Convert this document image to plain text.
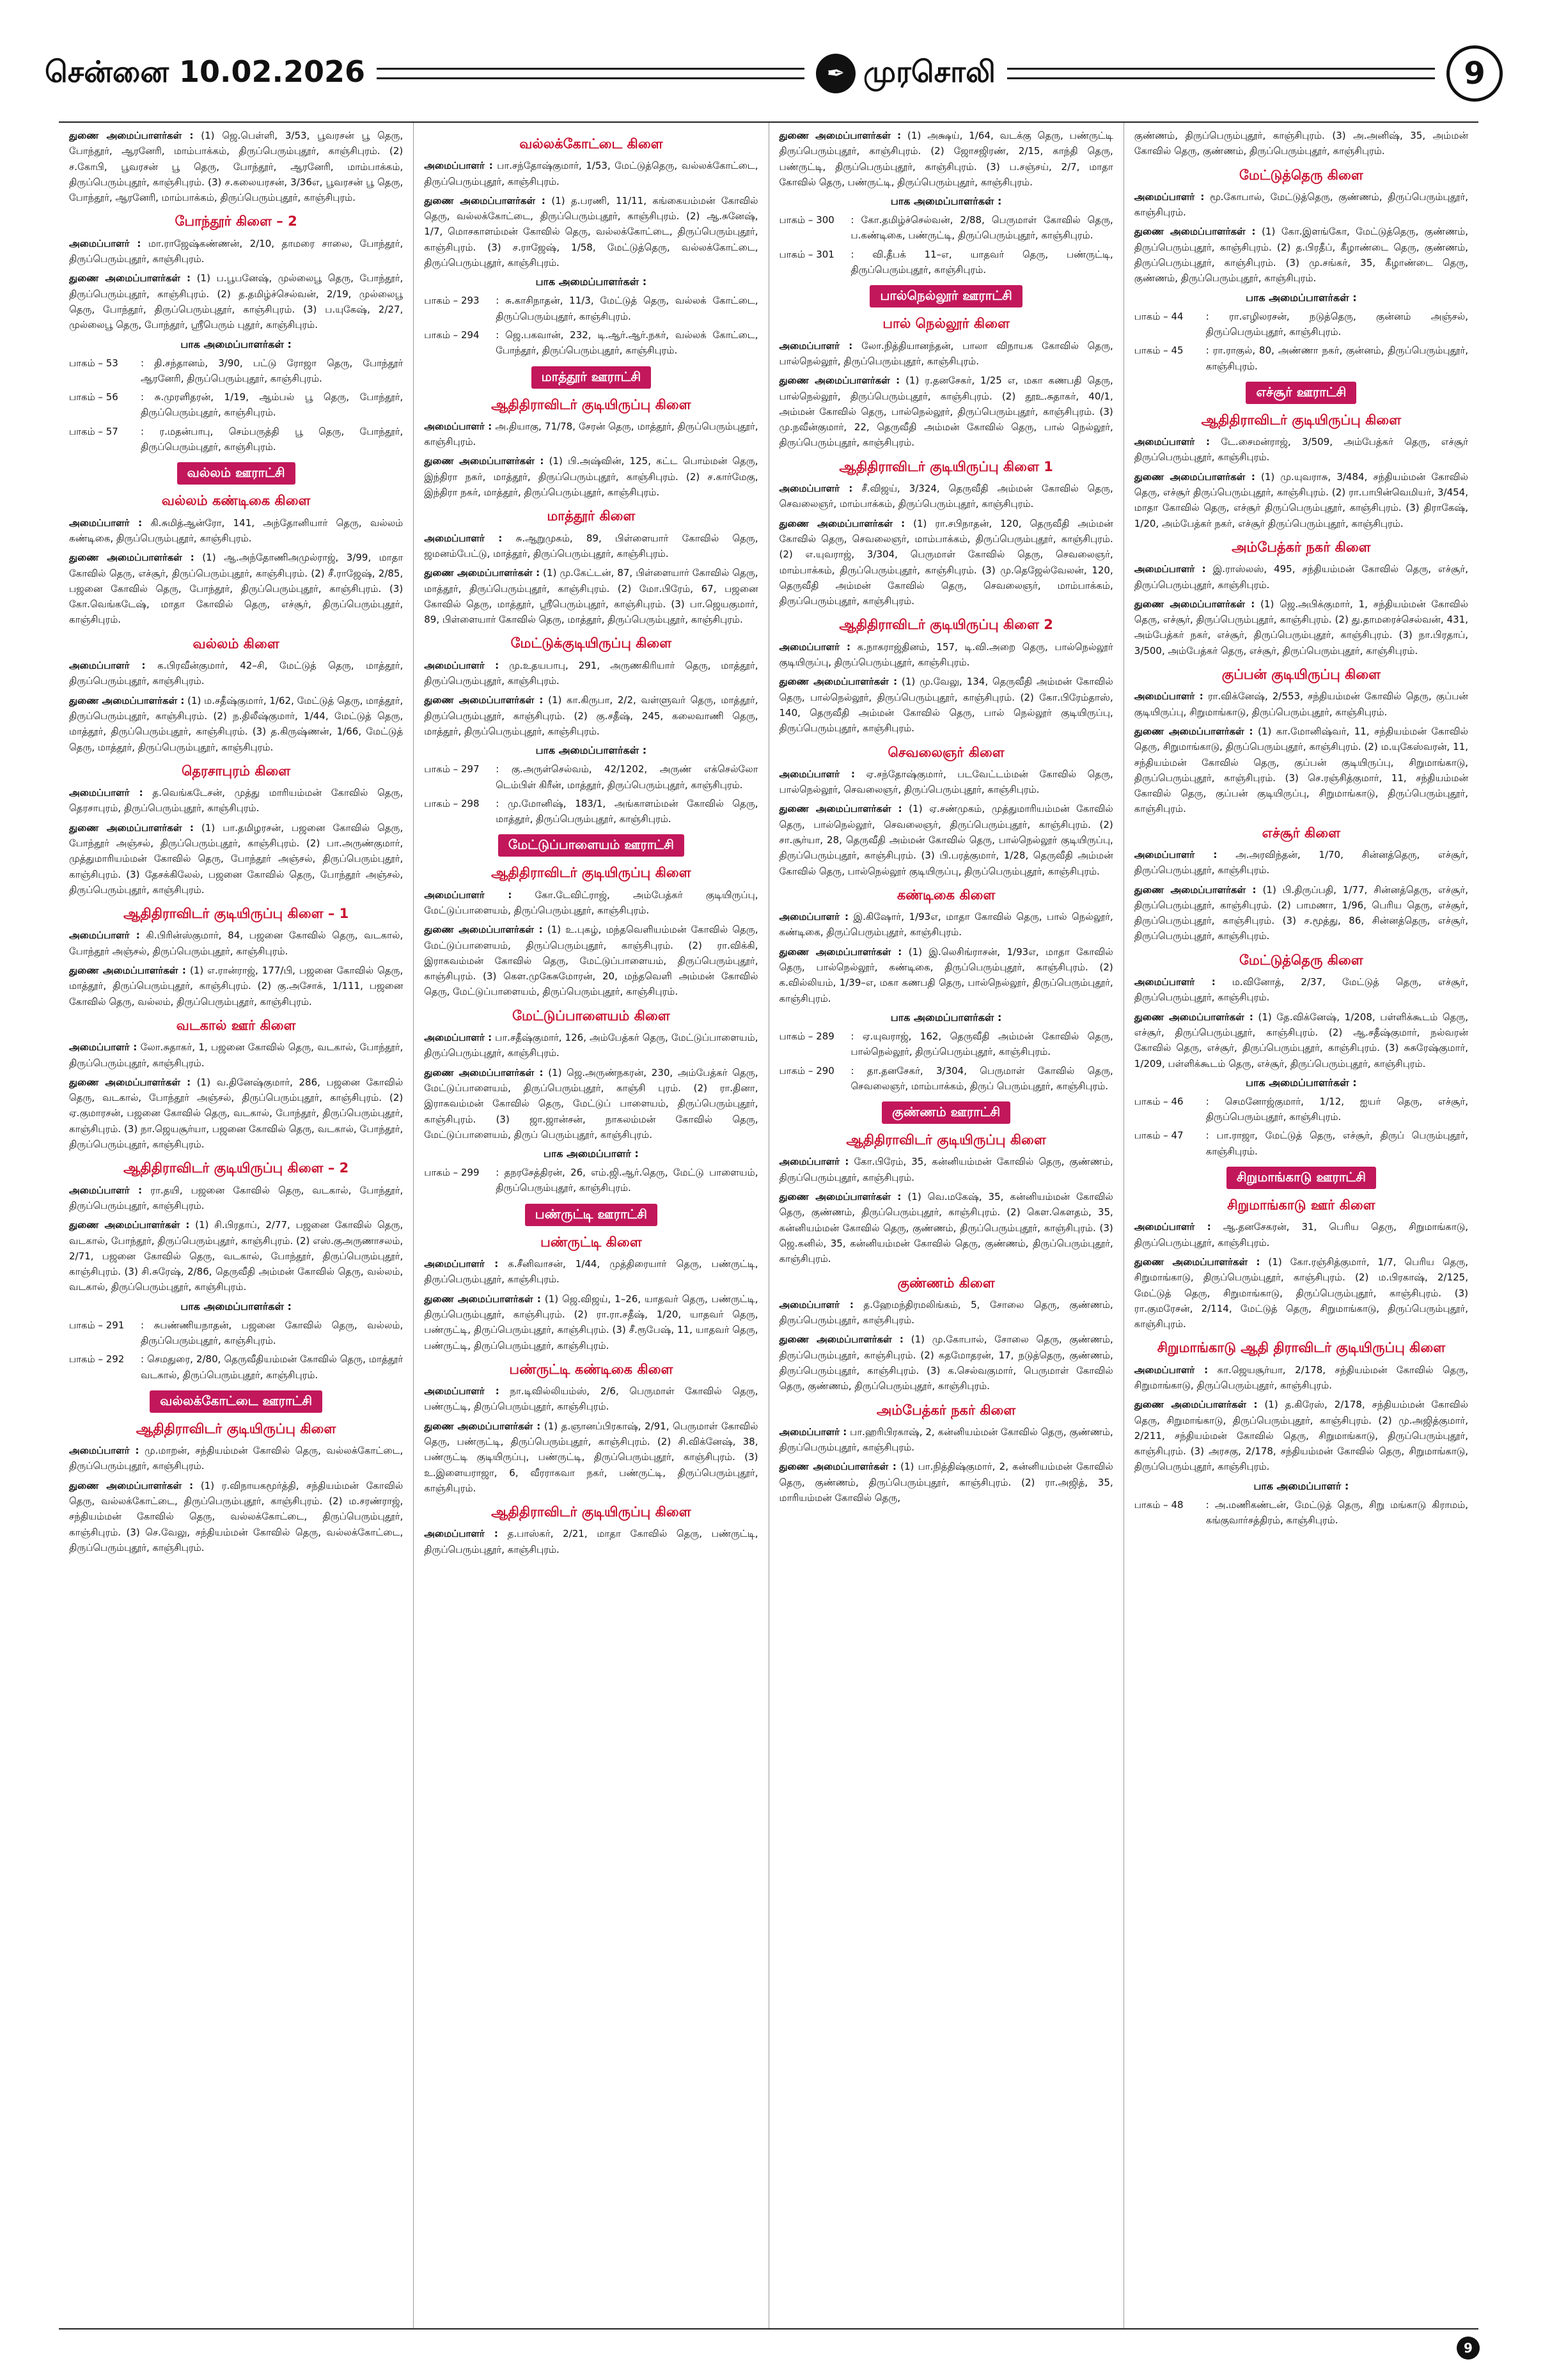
சென்னை 10.02.2026	✒ முரசொலி	9

துணை அமைப்பாளர்கள் : (1) ஜெ.பெள்ளி, 3/53, பூவரசன் பூ தெரு, போந்தூர், ஆரனேரி, மாம்பாக்கம், திருப்பெரும்புதூர், காஞ்சிபுரம். (2) ச.கோபி, பூவரசன் பூ தெரு, போந்தூர், ஆரனேரி, மாம்பாக்கம், திருப்பெரும்புதூர், காஞ்சிபுரம். (3) ச.கலையரசன், 3/36எ, பூவரசன் பூ தெரு, போந்தூர், ஆரனேரி, மாம்பாக்கம், திருப்பெரும்புதூர், காஞ்சிபுரம்.

போந்தூர் கிளை – 2

அமைப்பாளர் : மா.ராஜேஷ்கண்ணன், 2/10, தாமரை சாலை, போந்தூர், திருப்பெரும்புதூர், காஞ்சிபுரம்.

துணை அமைப்பாளர்கள் : (1) ப.பூபனேஷ், முல்லைபூ தெரு, போந்தூர், திருப்பெரும்புதூர், காஞ்சிபுரம். (2) த.தமிழ்ச்செல்வன், 2/19, முல்லைபூ தெரு, போந்தூர், திருப்பெரும்புதூர், காஞ்சிபுரம். (3) ப.யுகேஷ், 2/27, முல்லைபூ தெரு, போந்தூர், ஸ்ரீபெரும் புதூர், காஞ்சிபுரம்.

பாக அமைப்பாளர்கள் :
பாகம் – 53	: தி.சந்தானம், 3/90, பட்டு ரோஜா தெரு, போந்தூர் ஆரனேரி, திருப்பெரும்புதூர், காஞ்சிபுரம்.
பாகம் – 56	: சு.முரளிதரன், 1/19, ஆம்பல் பூ தெரு, போந்தூர், திருப்பெரும்புதூர், காஞ்சிபுரம்.
பாகம் – 57	: ர.மதன்பாபு, செம்பருத்தி பூ தெரு, போந்தூர், திருப்பெரும்புதூர், காஞ்சிபுரம்.
வல்லம் ஊராட்சி
வல்லம் கண்டிகை கிளை

அமைப்பாளர் : கி.சுமித்ஆன்ரோ, 141, அந்தோனியார் தெரு, வல்லம் கண்டிகை, திருப்பெரும்புதூர், காஞ்சிபுரம்.

துணை அமைப்பாளர்கள் : (1) ஆ.அந்தோணிஅமுல்ராஜ், 3/99, மாதா கோவில் தெரு, எச்சூர், திருப்பெரும்புதூர், காஞ்சிபுரம். (2) சீ.ராஜேஷ், 2/85, பஜனை கோவில் தெரு, போந்தூர், திருப்பெரும்புதூர், காஞ்சிபுரம். (3) கோ.வெங்கடேஷ், மாதா கோவில் தெரு, எச்சூர், திருப்பெரும்புதூர், காஞ்சிபுரம்.

வல்லம் கிளை

அமைப்பாளர் : க.பிரவீன்குமார், 42–சி, மேட்டுத் தெரு, மாத்தூர், திருப்பெரும்புதூர், காஞ்சிபுரம்.

துணை அமைப்பாளர்கள் : (1) ம.சதீஷ்குமார், 1/62, மேட்டுத் தெரு, மாத்தூர், திருப்பெரும்புதூர், காஞ்சிபுரம். (2) ந.திலீஷ்குமார், 1/44, மேட்டுத் தெரு, மாத்தூர், திருப்பெரும்புதூர், காஞ்சிபுரம். (3) த.கிருஷ்ணன், 1/66, மேட்டுத் தெரு, மாத்தூர், திருப்பெரும்புதூர், காஞ்சிபுரம்.

தெரசாபுரம் கிளை

அமைப்பாளர் : த.வெங்கடேசன், முத்து மாரியம்மன் கோவில் தெரு, தெரசாபுரம், திருப்பெரும்புதூர், காஞ்சிபுரம்.

துணை அமைப்பாளர்கள் : (1) பா.தமிழரசன், பஜனை கோவில் தெரு, போந்தூர் அஞ்சல், திருப்பெரும்புதூர், காஞ்சிபுரம். (2) பா.அருண்குமார், முத்துமாரியம்மன் கோவில் தெரு, போந்தூர் அஞ்சல், திருப்பெரும்புதூர், காஞ்சிபுரம். (3) தேசக்கிலேல், பஜனை கோவில் தெரு, போந்தூர் அஞ்சல், திருப்பெரும்புதூர், காஞ்சிபுரம்.

ஆதிதிராவிடர் குடியிருப்பு கிளை – 1

அமைப்பாளர் : கி.பிரின்ஸ்குமார், 84, பஜனை கோவில் தெரு, வடகால், போந்தூர் அஞ்சல், திருப்பெரும்புதூர், காஞ்சிபுரம்.

துணை அமைப்பாளர்கள் : (1) எ.ரான்ராஜ், 177/பி, பஜனை கோவில் தெரு, மாத்தூர், திருப்பெரும்புதூர், காஞ்சிபுரம். (2) கு.அசோக், 1/111, பஜனை கோவில் தெரு, வல்லம், திருப்பெரும்புதூர், காஞ்சிபுரம்.

வடகால் ஊர் கிளை

அமைப்பாளர் : லோ.சுதாகர், 1, பஜனை கோவில் தெரு, வடகால், போந்தூர், திருப்பெரும்புதூர், காஞ்சிபுரம்.

துணை அமைப்பாளர்கள் : (1) வ.தினேஷ்குமார், 286, பஜனை கோவில் தெரு, வடகால், போந்தூர் அஞ்சல், திருப்பெரும்புதூர், காஞ்சிபுரம். (2) ஏ.குமாரசன், பஜனை கோவில் தெரு, வடகால், போந்தூர், திருப்பெரும்புதூர், காஞ்சிபுரம். (3) நா.ஜெயசூர்யா, பஜனை கோவில் தெரு, வடகால், போந்தூர், திருப்பெரும்புதூர், காஞ்சிபுரம்.

ஆதிதிராவிடர் குடியிருப்பு கிளை – 2

அமைப்பாளர் : ரா.தயி, பஜனை கோவில் தெரு, வடகால், போந்தூர், திருப்பெரும்புதூர், காஞ்சிபுரம்.

துணை அமைப்பாளர்கள் : (1) சி.பிரதாப், 2/77, பஜனை கோவில் தெரு, வடகால், போந்தூர், திருப்பெரும்புதூர், காஞ்சிபுரம். (2) எஸ்.குஅருணாசலம், 2/71, பஜனை கோவில் தெரு, வடகால், போந்தூர், திருப்பெரும்புதூர், காஞ்சிபுரம். (3) சி.சுரேஷ், 2/86, தெருவீதி அம்மன் கோவில் தெரு, வல்லம், வடகால், திருப்பெரும்புதூர், காஞ்சிபுரம்.

பாக அமைப்பாளர்கள் :
பாகம் – 291	: சுபண்ணியநாதன், பஜனை கோவில் தெரு, வல்லம், திருப்பெரும்புதூர், காஞ்சிபுரம்.
பாகம் – 292	: செமதுரை, 2/80, தெருவீதியம்மன் கோவில் தெரு, மாத்தூர் வடகால், திருப்பெரும்புதூர், காஞ்சிபுரம்.
வல்லக்கோட்டை ஊராட்சி
ஆதிதிராவிடர் குடியிருப்பு கிளை

அமைப்பாளர் : மு.மாறன், சந்தியம்மன் கோவில் தெரு, வல்லக்கோட்டை, திருப்பெரும்புதூர், காஞ்சிபுரம்.

துணை அமைப்பாளர்கள் : (1) ர.விநாயகமூர்த்தி, சந்தியம்மன் கோவில் தெரு, வல்லக்கோட்டை, திருப்பெரும்புதூர், காஞ்சிபுரம். (2) ம.சரண்ராஜ், சந்தியம்மன் கோவில் தெரு, வல்லக்கோட்டை, திருப்பெரும்புதூர், காஞ்சிபுரம். (3) செ.வேலு, சந்தியம்மன் கோவில் தெரு, வல்லக்கோட்டை, திருப்பெரும்புதூர், காஞ்சிபுரம்.

வல்லக்கோட்டை கிளை

அமைப்பாளர் : பா.சந்தோஷ்குமார், 1/53, மேட்டுத்தெரு, வல்லக்கோட்டை, திருப்பெரும்புதூர், காஞ்சிபுரம்.

துணை அமைப்பாளர்கள் : (1) த.பரணி, 11/11, கங்கையம்மன் கோவில் தெரு, வல்லக்கோட்டை, திருப்பெரும்புதூர், காஞ்சிபுரம். (2) ஆ.சுனேஷ், 1/7, மொசகாளம்மன் கோவில் தெரு, வல்லக்கோட்டை, திருப்பெரும்புதூர், காஞ்சிபுரம். (3) ச.ராஜேஷ், 1/58, மேட்டுத்தெரு, வல்லக்கோட்டை, திருப்பெரும்புதூர், காஞ்சிபுரம்.

பாக அமைப்பாளர்கள் :
பாகம் – 293	: சு.காசிநாதன், 11/3, மேட்டுத் தெரு, வல்லக் கோட்டை, திருப்பெரும்புதூர், காஞ்சிபுரம்.
பாகம் – 294	: ஜெ.பகவான், 232, டி.ஆர்.ஆர்.நகர், வல்லக் கோட்டை, போந்தூர், திருப்பெரும்புதூர், காஞ்சிபுரம்.
மாத்தூர் ஊராட்சி
ஆதிதிராவிடர் குடியிருப்பு கிளை

அமைப்பாளர் : அ.தியாகு, 71/78, சேரன் தெரு, மாத்தூர், திருப்பெரும்புதூர், காஞ்சிபுரம்.

துணை அமைப்பாளர்கள் : (1) பி.அஷ்வின், 125, கட்ட பொம்மன் தெரு, இந்திரா நகர், மாத்தூர், திருப்பெரும்புதூர், காஞ்சிபுரம். (2) ச.கார்மேகு, இந்திரா நகர், மாத்தூர், திருப்பெரும்புதூர், காஞ்சிபுரம்.

மாத்தூர் கிளை

அமைப்பாளர் : சு.ஆறுமுகம், 89, பிள்ளையார் கோவில் தெரு, ஜமனம்பேட்டு, மாத்தூர், திருப்பெரும்புதூர், காஞ்சிபுரம்.

துணை அமைப்பாளர்கள் : (1) மு.கேட்டன், 87, பிள்ளையார் கோவில் தெரு, மாத்தூர், திருப்பெரும்புதூர், காஞ்சிபுரம். (2) மோ.பிரேம், 67, பஜனை கோவில் தெரு, மாத்தூர், ஸ்ரீபெரும்புதூர், காஞ்சிபுரம். (3) பா.ஜெயகுமார், 89, பிள்ளையார் கோவில் தெரு, மாத்தூர், திருப்பெரும்புதூர், காஞ்சிபுரம்.

மேட்டுக்குடியிருப்பு கிளை

அமைப்பாளர் : மு.உதயபாபு, 291, அருணகிரியார் தெரு, மாத்தூர், திருப்பெரும்புதூர், காஞ்சிபுரம்.

துணை அமைப்பாளர்கள் : (1) கா.கிருபா, 2/2, வள்ளுவர் தெரு, மாத்தூர், திருப்பெரும்புதூர், காஞ்சிபுரம். (2) கு.சதீஷ், 245, கலைவாணி தெரு, மாத்தூர், திருப்பெரும்புதூர், காஞ்சிபுரம்.

பாக அமைப்பாளர்கள் :
பாகம் – 297	: கு.அருள்செல்வம், 42/1202, அருண் எக்செல்லோ டெம்பிள் கிரீன், மாத்தூர், திருப்பெரும்புதூர், காஞ்சிபுரம்.
பாகம் – 298	: மு.மோனிஷ், 183/1, அங்காளம்மன் கோவில் தெரு, மாத்தூர், திருப்பெரும்புதூர், காஞ்சிபுரம்.
மேட்டுப்பாளையம் ஊராட்சி
ஆதிதிராவிடர் குடியிருப்பு கிளை

அமைப்பாளர் : கோ.டேவிட்ராஜ், அம்பேத்கர் குடியிருப்பு, மேட்டுப்பாளையம், திருப்பெரும்புதூர், காஞ்சிபுரம்.

துணை அமைப்பாளர்கள் : (1) உ.புகழ், மந்தவெளியம்மன் கோவில் தெரு, மேட்டுப்பாளையம், திருப்பெரும்புதூர், காஞ்சிபுரம். (2) ரா.விக்கி, இராகவம்மன் கோவில் தெரு, மேட்டுப்பாளையம், திருப்பெரும்புதூர், காஞ்சிபுரம். (3) கௌ.முகேசுமோரன், 20, மந்தவெளி அம்மன் கோவில் தெரு, மேட்டுப்பாளையம், திருப்பெரும்புதூர், காஞ்சிபுரம்.

மேட்டுப்பாளையம் கிளை

அமைப்பாளர் : பா.சதீஷ்குமார், 126, அம்பேத்கர் தெரு, மேட்டுப்பாளையம், திருப்பெரும்புதூர், காஞ்சிபுரம்.

துணை அமைப்பாளர்கள் : (1) ஜெ.அருண்நகரன், 230, அம்பேத்கர் தெரு, மேட்டுப்பாளையம், திருப்பெரும்புதூர், காஞ்சி புரம். (2) ரா.தினா, இராகவம்மன் கோவில் தெரு, மேட்டுப் பாளையம், திருப்பெரும்புதூர், காஞ்சிபுரம். (3) ஜா.ஜான்சன், நாகலம்மன் கோவில் தெரு, மேட்டுப்பாளையம், திருப் பெரும்புதூர், காஞ்சிபுரம்.

பாக அமைப்பாளர் :
பாகம் – 299	: தநரசேத்திரன், 26, எம்.ஜி.ஆர்.தெரு, மேட்டு பாளையம், திருப்பெரும்புதூர், காஞ்சிபுரம்.
பண்ருட்டி ஊராட்சி
பண்ருட்டி கிளை

அமைப்பாளர் : க.சீனிவாசன், 1/44, முத்திரையார் தெரு, பண்ருட்டி, திருப்பெரும்புதூர், காஞ்சிபுரம்.

துணை அமைப்பாளர்கள் : (1) ஜெ.விஜய், 1–26, யாதவர் தெரு, பண்ருட்டி, திருப்பெரும்புதூர், காஞ்சிபுரம். (2) ரா.ரா.சதீஷ், 1/20, யாதவர் தெரு, பண்ருட்டி, திருப்பெரும்புதூர், காஞ்சிபுரம். (3) சீ.ரூபேஷ், 11, யாதவர் தெரு, பண்ருட்டி, திருப்பெரும்புதூர், காஞ்சிபுரம்.

பண்ருட்டி கண்டிகை கிளை

அமைப்பாளர் : நா.டிவில்லியம்ஸ், 2/6, பெருமாள் கோவில் தெரு, பண்ருட்டி, திருப்பெரும்புதூர், காஞ்சிபுரம்.

துணை அமைப்பாளர்கள் : (1) த.ஞானப்பிரகாஷ், 2/91, பெருமாள் கோவில் தெரு, பண்ருட்டி, திருப்பெரும்புதூர், காஞ்சிபுரம். (2) சி.விக்னேஷ், 38, பண்ருட்டி குடியிருப்பு, பண்ருட்டி, திருப்பெரும்புதூர், காஞ்சிபுரம். (3) உ.இளையராஜா, 6, வீரராகவா நகர், பண்ருட்டி, திருப்பெரும்புதூர், காஞ்சிபுரம்.

ஆதிதிராவிடர் குடியிருப்பு கிளை

அமைப்பாளர் : த.பாஸ்கர், 2/21, மாதா கோவில் தெரு, பண்ருட்டி, திருப்பெரும்புதூர், காஞ்சிபுரம்.

துணை அமைப்பாளர்கள் : (1) அக்ஷய், 1/64, வடக்கு தெரு, பண்ருட்டி திருப்பெரும்புதூர், காஞ்சிபுரம். (2) ஜோசஜிரண், 2/15, காந்தி தெரு, பண்ருட்டி, திருப்பெரும்புதூர், காஞ்சிபுரம். (3) ப.சஞ்சய், 2/7, மாதா கோவில் தெரு, பண்ருட்டி, திருப்பெரும்புதூர், காஞ்சிபுரம்.

பாக அமைப்பாளர்கள் :
பாகம் – 300	: கோ.தமிழ்ச்செல்வன், 2/88, பெருமாள் கோவில் தெரு, ப.கண்டிகை, பண்ருட்டி, திருப்பெரும்புதூர், காஞ்சிபுரம்.
பாகம் – 301	: வி.தீபக் 11–எ, யாதவர் தெரு, பண்ருட்டி, திருப்பெரும்புதூர், காஞ்சிபுரம்.
பால்நெல்லூர் ஊராட்சி
பால் நெல்லூர் கிளை

அமைப்பாளர் : லோ.நித்தியானந்தன், பாலா விநாயக கோவில் தெரு, பால்நெல்லூர், திருப்பெரும்புதூர், காஞ்சிபுரம்.

துணை அமைப்பாளர்கள் : (1) ர.தனசேகர், 1/25 எ, மகா கணபதி தெரு, பால்நெல்லூர், திருப்பெரும்புதூர், காஞ்சிபுரம். (2) தூஉ.சுதாகர், 40/1, அம்மன் கோவில் தெரு, பால்நெல்லூர், திருப்பெரும்புதூர், காஞ்சிபுரம். (3) மு.நவீன்குமார், 22, தெருவீதி அம்மன் கோவில் தெரு, பால் நெல்லூர், திருப்பெரும்புதூர், காஞ்சிபுரம்.

ஆதிதிராவிடர் குடியிருப்பு கிளை 1

அமைப்பாளர் : சீ.விஜய், 3/324, தெருவீதி அம்மன் கோவில் தெரு, செவலைஞர், மாம்பாக்கம், திருப்பெரும்புதூர், காஞ்சிபுரம்.

துணை அமைப்பாளர்கள் : (1) ரா.சபிநாதன், 120, தெருவீதி அம்மன் கோவில் தெரு, செவலைஞர், மாம்பாக்கம், திருப்பெரும்புதூர், காஞ்சிபுரம். (2) எ.யுவராஜ், 3/304, பெருமாள் கோவில் தெரு, செவலைஞர், மாம்பாக்கம், திருப்பெரும்புதூர், காஞ்சிபுரம். (3) மு.தெஜேல்வேலன், 120, தெருவீதி அம்மன் கோவில் தெரு, செவலைஞர், மாம்பாக்கம், திருப்பெரும்புதூர், காஞ்சிபுரம்.

ஆதிதிராவிடர் குடியிருப்பு கிளை 2

அமைப்பாளர் : க.நாகராஜ்தினம், 157, டி.வி.அறை தெரு, பால்நெல்லூர் குடியிருப்பு, திருப்பெரும்புதூர், காஞ்சிபுரம்.

துணை அமைப்பாளர்கள் : (1) மு.வேலு, 134, தெருவீதி அம்மன் கோவில் தெரு, பால்நெல்லூர், திருப்பெரும்புதூர், காஞ்சிபுரம். (2) கோ.பிரேம்தாஸ், 140, தெருவீதி அம்மன் கோவில் தெரு, பால் நெல்லூர் குடியிருப்பு, திருப்பெரும்புதூர், காஞ்சிபுரம்.

செவலைஞர் கிளை

அமைப்பாளர் : ஏ.சந்தோஷ்குமார், படவேட்டம்மன் கோவில் தெரு, பால்நெல்லூர், செவலைஞர், திருப்பெரும்புதூர், காஞ்சிபுரம்.

துணை அமைப்பாளர்கள் : (1) ஏ.சண்முகம், முத்துமாரியம்மன் கோவில் தெரு, பால்நெல்லூர், செவலைஞர், திருப்பெரும்புதூர், காஞ்சிபுரம். (2) சா.சூர்யா, 28, தெருவீதி அம்மன் கோவில் தெரு, பால்நெல்லூர் குடியிருப்பு, திருப்பெரும்புதூர், காஞ்சிபுரம். (3) பி.பரத்குமார், 1/28, தெருவீதி அம்மன் கோவில் தெரு, பால்நெல்லூர் குடியிருப்பு, திருப்பெரும்புதூர், காஞ்சிபுரம்.

கண்டிகை கிளை

அமைப்பாளர் : இ.கிஷோர், 1/93எ, மாதா கோவில் தெரு, பால் நெல்லூர், கண்டிகை, திருப்பெரும்புதூர், காஞ்சிபுரம்.

துணை அமைப்பாளர்கள் : (1) இ.லெசிங்ராசன், 1/93எ, மாதா கோவில் தெரு, பால்நெல்லூர், கண்டிகை, திருப்பெரும்புதூர், காஞ்சிபுரம். (2) க.வில்லியம், 1/39–எ, மகா கணபதி தெரு, பால்நெல்லூர், திருப்பெரும்புதூர், காஞ்சிபுரம்.

பாக அமைப்பாளர்கள் :
பாகம் – 289	: ஏ.யுவராஜ், 162, தெருவீதி அம்மன் கோவில் தெரு, பால்நெல்லூர், திருப்பெரும்புதூர், காஞ்சிபுரம்.
பாகம் – 290	: தா.தனசேகர், 3/304, பெருமாள் கோவில் தெரு, செவலைஞர், மாம்பாக்கம், திருப் பெரும்புதூர், காஞ்சிபுரம்.
குண்ணம் ஊராட்சி
ஆதிதிராவிடர் குடியிருப்பு கிளை

அமைப்பாளர் : கோ.பிரேம், 35, கன்னியம்மன் கோவில் தெரு, குண்ணம், திருப்பெரும்புதூர், காஞ்சிபுரம்.

துணை அமைப்பாளர்கள் : (1) வெ.மகேஷ், 35, கன்னியம்மன் கோவில் தெரு, குண்ணம், திருப்பெரும்புதூர், காஞ்சிபுரம். (2) கௌ.கௌதம், 35, கன்னியம்மன் கோவில் தெரு, குண்ணம், திருப்பெரும்புதூர், காஞ்சிபுரம். (3) ஜெ.கனில், 35, கன்னியம்மன் கோவில் தெரு, குண்ணம், திருப்பெரும்புதூர், காஞ்சிபுரம்.

குண்ணம் கிளை

அமைப்பாளர் : த.ஹேமந்திரமலிங்கம், 5, சோலை தெரு, குண்ணம், திருப்பெரும்புதூர், காஞ்சிபுரம்.

துணை அமைப்பாளர்கள் : (1) மு.கோபால், சோலை தெரு, குண்ணம், திருப்பெரும்புதூர், காஞ்சிபுரம். (2) கதமோதரன், 17, நடுத்தெரு, குண்ணம், திருப்பெரும்புதூர், காஞ்சிபுரம். (3) க.செல்வகுமார், பெருமாள் கோவில் தெரு, குண்ணம், திருப்பெரும்புதூர், காஞ்சிபுரம்.

அம்பேத்கர் நகர் கிளை

அமைப்பாளர் : பா.ஹரிபிரகாஷ், 2, கன்னியம்மன் கோவில் தெரு, குண்ணம், திருப்பெரும்புதூர், காஞ்சிபுரம்.

துணை அமைப்பாளர்கள் : (1) பா.நித்திஷ்குமார், 2, கன்னியம்மன் கோவில் தெரு, குண்ணம், திருப்பெரும்புதூர், காஞ்சிபுரம். (2) ரா.அஜித், 35, மாரியம்மன் கோவில் தெரு,

குண்ணம், திருப்பெரும்புதூர், காஞ்சிபுரம். (3) அ.அனிஷ், 35, அம்மன் கோவில் தெரு, குண்ணம், திருப்பெரும்புதூர், காஞ்சிபுரம்.

மேட்டுத்தெரு கிளை

அமைப்பாளர் : மூ.கோபால், மேட்டுத்தெரு, குண்ணம், திருப்பெரும்புதூர், காஞ்சிபுரம்.

துணை அமைப்பாளர்கள் : (1) கோ.இளங்கோ, மேட்டுத்தெரு, குண்ணம், திருப்பெரும்புதூர், காஞ்சிபுரம். (2) த.பிரதீப், கீழாண்டை தெரு, குண்ணம், திருப்பெரும்புதூர், காஞ்சிபுரம். (3) மு.சங்கர், 35, கீழாண்டை தெரு, குண்ணம், திருப்பெரும்புதூர், காஞ்சிபுரம்.

பாக அமைப்பாளர்கள் :
பாகம் – 44	: ரா.எழிலரசன், நடுத்தெரு, குன்னம் அஞ்சல், திருப்பெரும்புதூர், காஞ்சிபுரம்.
பாகம் – 45	: ரா.ராகுல், 80, அண்ணா நகர், குன்னம், திருப்பெரும்புதூர், காஞ்சிபுரம்.
எச்சூர் ஊராட்சி
ஆதிதிராவிடர் குடியிருப்பு கிளை

அமைப்பாளர் : டே.சைமன்ராஜ், 3/509, அம்பேத்கர் தெரு, எச்சூர் திருப்பெரும்புதூர், காஞ்சிபுரம்.

துணை அமைப்பாளர்கள் : (1) மு.யுவராசு, 3/484, சந்தியம்மன் கோவில் தெரு, எச்சூர் திருப்பெரும்புதூர், காஞ்சிபுரம். (2) ரா.பாபின்வெமியர், 3/454, மாதா கோவில் தெரு, எச்சூர் திருப்பெரும்புதூர், காஞ்சிபுரம். (3) திராகேஷ், 1/20, அம்பேத்கர் நகர், எச்சூர் திருப்பெரும்புதூர், காஞ்சிபுரம்.

அம்பேத்கர் நகர் கிளை

அமைப்பாளர் : இ.ராஸ்லஸ், 495, சந்தியம்மன் கோவில் தெரு, எச்சூர், திருப்பெரும்புதூர், காஞ்சிபுரம்.

துணை அமைப்பாளர்கள் : (1) ஜெ.அபிக்குமார், 1, சந்தியம்மன் கோவில் தெரு, எச்சூர், திருப்பெரும்புதூர், காஞ்சிபுரம். (2) து.தாமரைச்செல்வன், 431, அம்பேத்கர் நகர், எச்சூர், திருப்பெரும்புதூர், காஞ்சிபுரம். (3) நா.பிரதாப், 3/500, அம்பேத்கர் தெரு, எச்சூர், திருப்பெரும்புதூர், காஞ்சிபுரம்.

குப்பன் குடியிருப்பு கிளை

அமைப்பாளர் : ரா.விக்னேஷ், 2/553, சந்தியம்மன் கோவில் தெரு, குப்பன் குடியிருப்பு, சிறுமாங்காடு, திருப்பெரும்புதூர், காஞ்சிபுரம்.

துணை அமைப்பாளர்கள் : (1) கா.மோனிஷ்வர், 11, சந்தியம்மன் கோவில் தெரு, சிறுமாங்காடு, திருப்பெரும்புதூர், காஞ்சிபுரம். (2) ம.யுகேஸ்வரன், 11, சந்தியம்மன் கோவில் தெரு, குப்பன் குடியிருப்பு, சிறுமாங்காடு, திருப்பெரும்புதூர், காஞ்சிபுரம். (3) செ.ரஞ்சித்குமார், 11, சந்தியம்மன் கோவில் தெரு, குப்பன் குடியிருப்பு, சிறுமாங்காடு, திருப்பெரும்புதூர், காஞ்சிபுரம்.

எச்சூர் கிளை

அமைப்பாளர் : அ.அரவிந்தன், 1/70, சின்னத்தெரு, எச்சூர், திருப்பெரும்புதூர், காஞ்சிபுரம்.

துணை அமைப்பாளர்கள் : (1) பி.திருப்பதி, 1/77, சின்னத்தெரு, எச்சூர், திருப்பெரும்புதூர், காஞ்சிபுரம். (2) பாமணா, 1/96, பெரிய தெரு, எச்சூர், திருப்பெரும்புதூர், காஞ்சிபுரம். (3) ச.மூத்து, 86, சின்னத்தெரு, எச்சூர், திருப்பெரும்புதூர், காஞ்சிபுரம்.

மேட்டுத்தெரு கிளை

அமைப்பாளர் : ம.வினோத், 2/37, மேட்டுத் தெரு, எச்சூர், திருப்பெரும்புதூர், காஞ்சிபுரம்.

துணை அமைப்பாளர்கள் : (1) தே.விக்னேஷ், 1/208, பள்ளிக்கூடம் தெரு, எச்சூர், திருப்பெரும்புதூர், காஞ்சிபுரம். (2) ஆ.சதீஷ்குமார், நல்வரன் கோவில் தெரு, எச்சூர், திருப்பெரும்புதூர், காஞ்சிபுரம். (3) சுசுரேஷ்குமார், 1/209, பள்ளிக்கூடம் தெரு, எச்சூர், திருப்பெரும்புதூர், காஞ்சிபுரம்.

பாக அமைப்பாளர்கள் :
பாகம் – 46	: செமனோஜ்குமார், 1/12, ஐயர் தெரு, எச்சூர், திருப்பெரும்புதூர், காஞ்சிபுரம்.
பாகம் – 47	: பா.ராஜா, மேட்டுத் தெரு, எச்சூர், திருப் பெரும்புதூர், காஞ்சிபுரம்.
சிறுமாங்காடு ஊராட்சி
சிறுமாங்காடு ஊர் கிளை

அமைப்பாளர் : ஆ.தனசேகரன், 31, பெரிய தெரு, சிறுமாங்காடு, திருப்பெரும்புதூர், காஞ்சிபுரம்.

துணை அமைப்பாளர்கள் : (1) கோ.ரஞ்சித்குமார், 1/7, பெரிய தெரு, சிறுமாங்காடு, திருப்பெரும்புதூர், காஞ்சிபுரம். (2) ம.பிரகாஷ், 2/125, மேட்டுத் தெரு, சிறுமாங்காடு, திருப்பெரும்புதூர், காஞ்சிபுரம். (3) ரா.குமரேசன், 2/114, மேட்டுத் தெரு, சிறுமாங்காடு, திருப்பெரும்புதூர், காஞ்சிபுரம்.

சிறுமாங்காடு ஆதி திராவிடர் குடியிருப்பு கிளை

அமைப்பாளர் : கா.ஜெயசூர்யா, 2/178, சந்தியம்மன் கோவில் தெரு, சிறுமாங்காடு, திருப்பெரும்புதூர், காஞ்சிபுரம்.

துணை அமைப்பாளர்கள் : (1) த.கிரேஸ், 2/178, சந்தியம்மன் கோவில் தெரு, சிறுமாங்காடு, திருப்பெரும்புதூர், காஞ்சிபுரம். (2) மு.அஜித்குமார், 2/211, சந்தியம்மன் கோவில் தெரு, சிறுமாங்காடு, திருப்பெரும்புதூர், காஞ்சிபுரம். (3) அரசகு, 2/178, சந்தியம்மன் கோவில் தெரு, சிறுமாங்காடு, திருப்பெரும்புதூர், காஞ்சிபுரம்.

பாக அமைப்பாளர் :
பாகம் – 48	: அ.மணிகண்டன், மேட்டுத் தெரு, சிறு மங்காடு கிராமம், கங்குவார்சத்திரம், காஞ்சிபுரம்.
9
